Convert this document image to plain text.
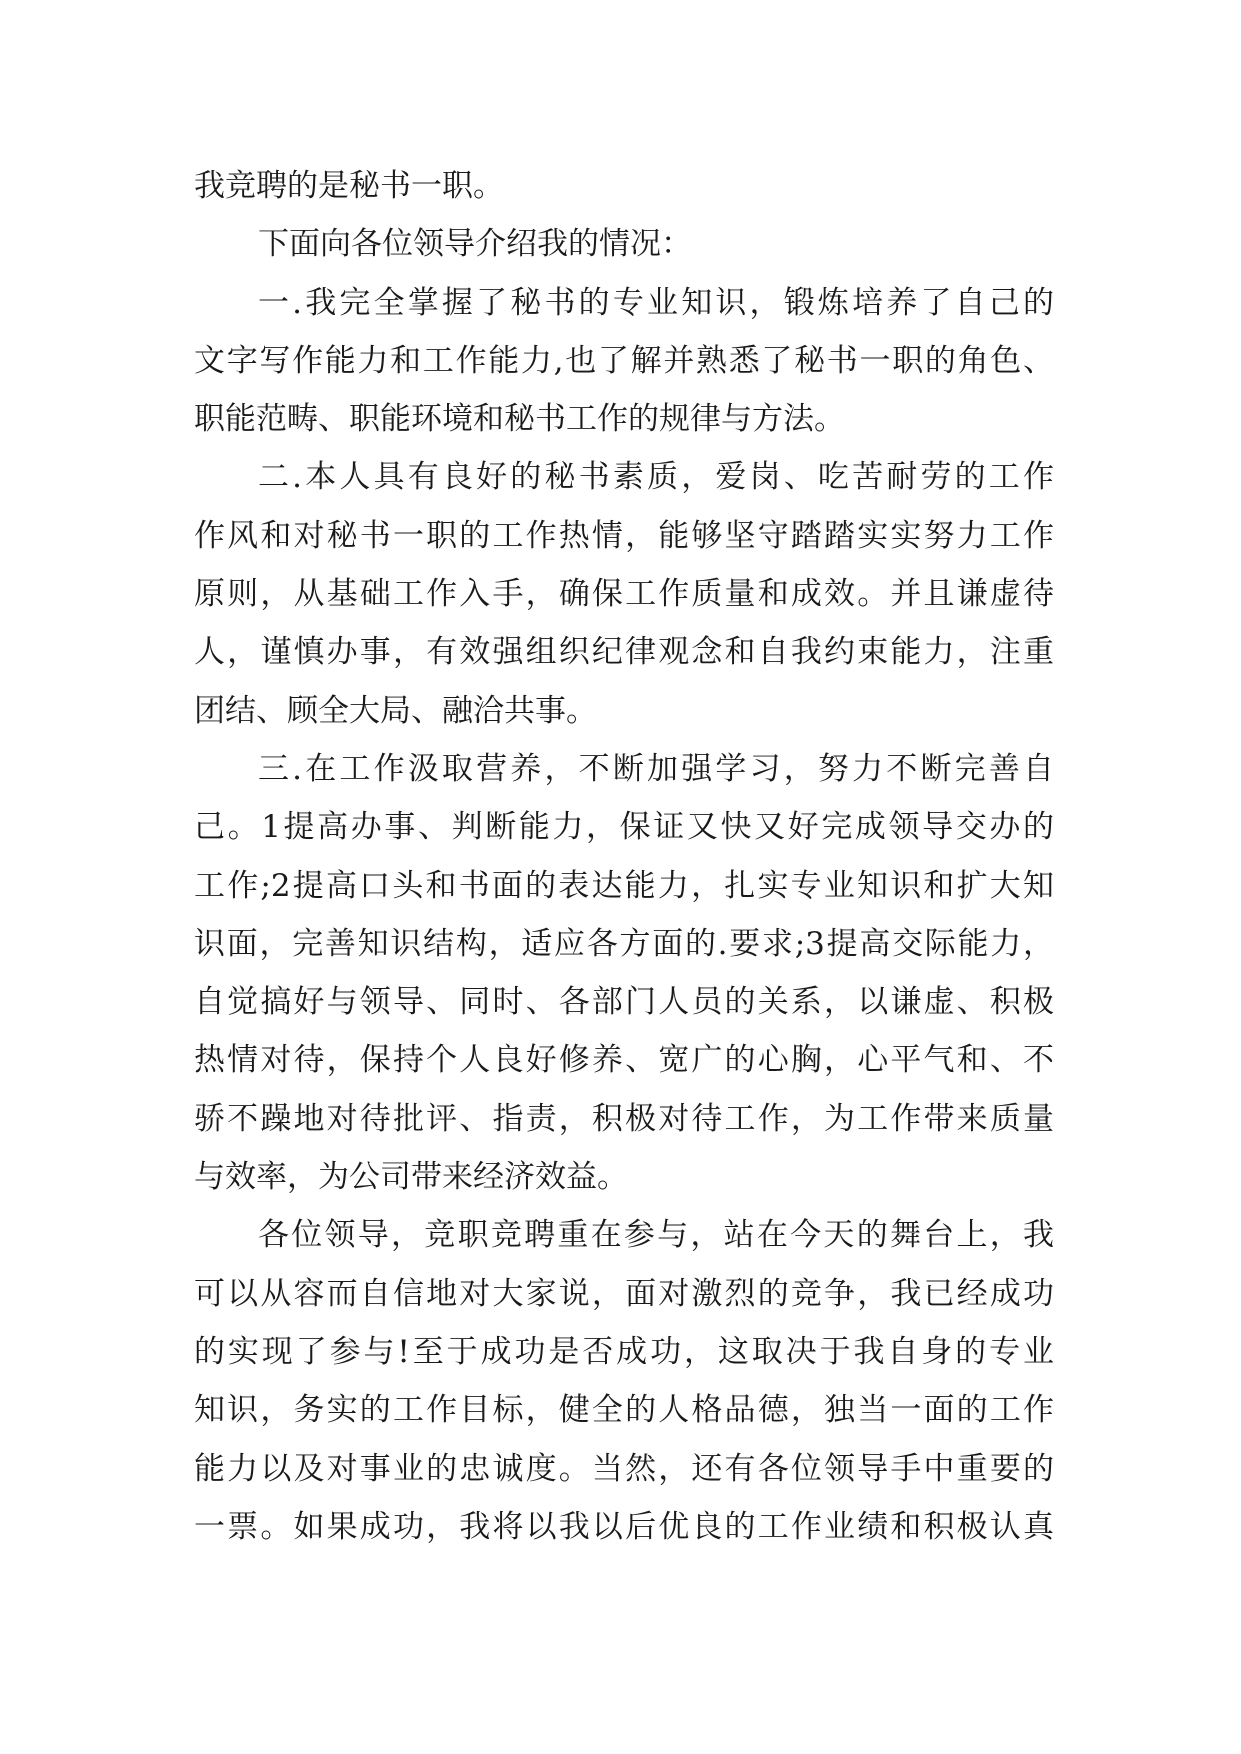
我竞聘的是秘书一职。
下面向各位领导介绍我的情况：
一.我完全掌握了秘书的专业知识，锻炼培养了自己的
文字写作能力和工作能力,也了解并熟悉了秘书一职的角色、
职能范畴、职能环境和秘书工作的规律与方法。
二.本人具有良好的秘书素质，爱岗、吃苦耐劳的工作
作风和对秘书一职的工作热情，能够坚守踏踏实实努力工作
原则，从基础工作入手，确保工作质量和成效。并且谦虚待
人，谨慎办事，有效强组织纪律观念和自我约束能力，注重
团结、顾全大局、融洽共事。
三.在工作汲取营养，不断加强学习，努力不断完善自
己。1提高办事、判断能力，保证又快又好完成领导交办的
工作;2提高口头和书面的表达能力，扎实专业知识和扩大知
识面，完善知识结构，适应各方面的.要求;3提高交际能力，
自觉搞好与领导、同时、各部门人员的关系，以谦虚、积极
热情对待，保持个人良好修养、宽广的心胸，心平气和、不
骄不躁地对待批评、指责，积极对待工作，为工作带来质量
与效率，为公司带来经济效益。
各位领导，竞职竞聘重在参与，站在今天的舞台上，我
可以从容而自信地对大家说，面对激烈的竞争，我已经成功
的实现了参与!至于成功是否成功，这取决于我自身的专业
知识，务实的工作目标，健全的人格品德，独当一面的工作
能力以及对事业的忠诚度。当然，还有各位领导手中重要的
一票。如果成功，我将以我以后优良的工作业绩和积极认真
